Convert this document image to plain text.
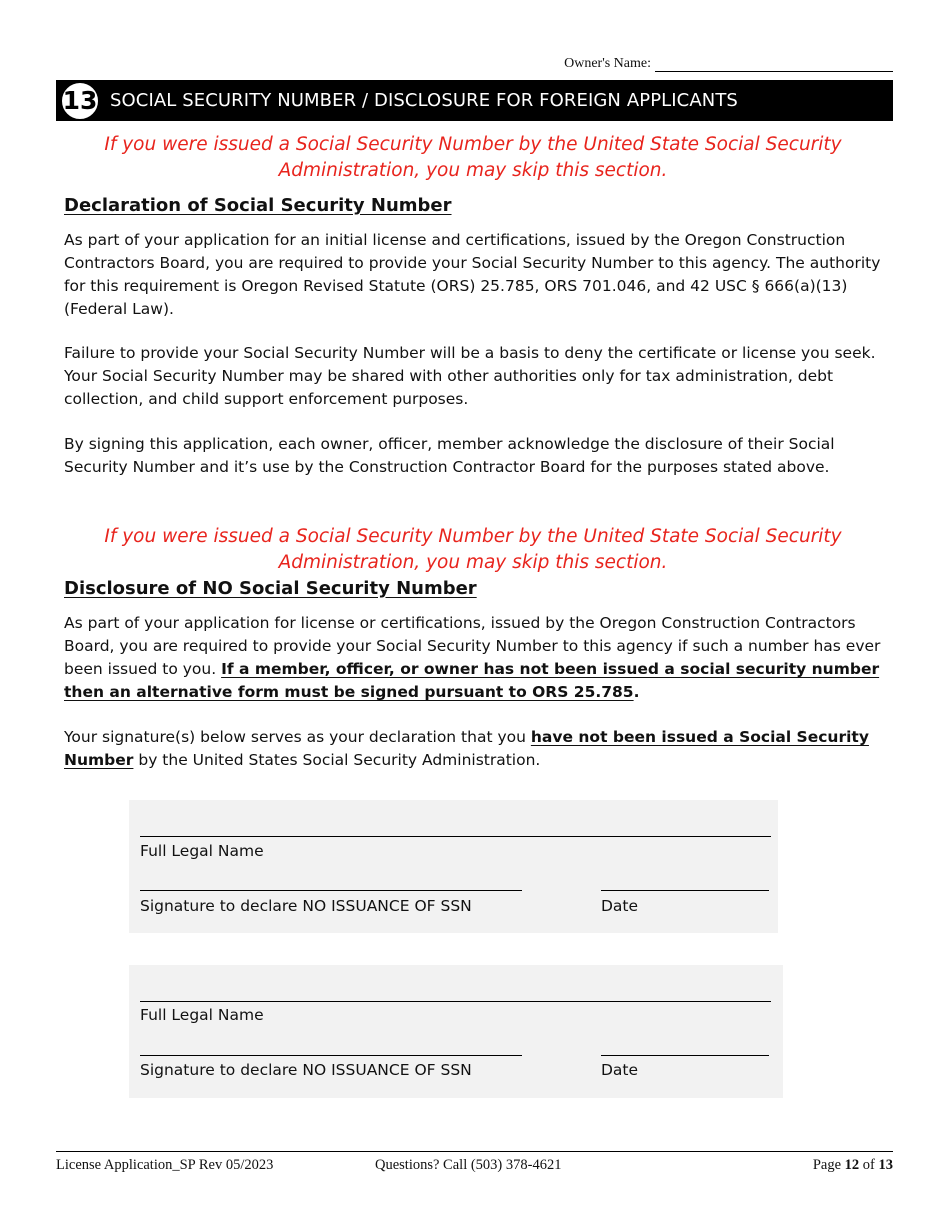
Owner's Name:
13 SOCIAL SECURITY NUMBER / DISCLOSURE FOR FOREIGN APPLICANTS
If you were issued a Social Security Number by the United State Social Security
Administration, you may skip this section.
Declaration of Social Security Number
As part of your application for an initial license and certifications, issued by the Oregon Construction Contractors Board, you are required to provide your Social Security Number to this agency. The authority for this requirement is Oregon Revised Statute (ORS) 25.785, ORS 701.046, and 42 USC § 666(a)(13) (Federal Law).
Failure to provide your Social Security Number will be a basis to deny the certificate or license you seek. Your Social Security Number may be shared with other authorities only for tax administration, debt collection, and child support enforcement purposes.
By signing this application, each owner, officer, member acknowledge the disclosure of their Social Security Number and it’s use by the Construction Contractor Board for the purposes stated above.
If you were issued a Social Security Number by the United State Social Security
Administration, you may skip this section.
Disclosure of NO Social Security Number
As part of your application for license or certifications, issued by the Oregon Construction Contractors Board, you are required to provide your Social Security Number to this agency if such a number has ever been issued to you. If a member, officer, or owner has not been issued a social security number then an alternative form must be signed pursuant to ORS 25.785.
Your signature(s) below serves as your declaration that you have not been issued a Social Security Number by the United States Social Security Administration.
Full Legal Name
Signature to declare NO ISSUANCE OF SSN	Date
Full Legal Name
Signature to declare NO ISSUANCE OF SSN	Date
License Application_SP Rev 05/2023	Questions? Call (503) 378-4621	Page 12 of 13
